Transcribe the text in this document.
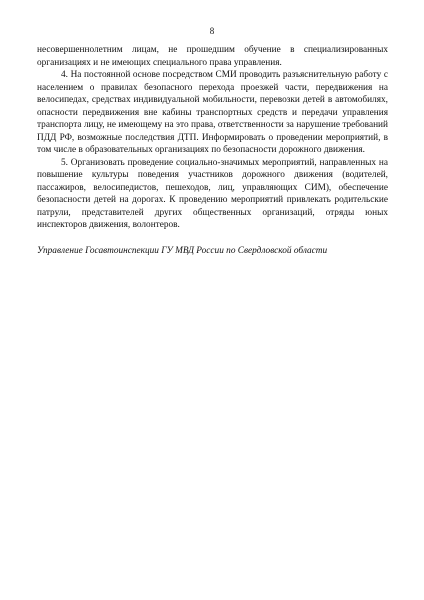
8

несовершеннолетним лицам, не прошедшим обучение в специализированных организациях и не имеющих специального права управления.

4. На постоянной основе посредством СМИ проводить разъяснительную работу с населением о правилах безопасного перехода проезжей части, передвижения на велосипедах, средствах индивидуальной мобильности, перевозки детей в автомобилях, опасности передвижения вне кабины транспортных средств и передачи управления транспорта лицу, не имеющему на это права, ответственности за нарушение требований ПДД РФ, возможные последствия ДТП. Информировать о проведении мероприятий, в том числе в образовательных организациях по безопасности дорожного движения.

5. Организовать проведение социально-значимых мероприятий, направленных на повышение культуры поведения участников дорожного движения (водителей, пассажиров, велосипедистов, пешеходов, лиц, управляющих СИМ), обеспечение безопасности детей на дорогах. К проведению мероприятий привлекать родительские патрули, представителей других общественных организаций, отряды юных инспекторов движения, волонтеров.

Управление Госавтоинспекции ГУ МВД России по Свердловской области
